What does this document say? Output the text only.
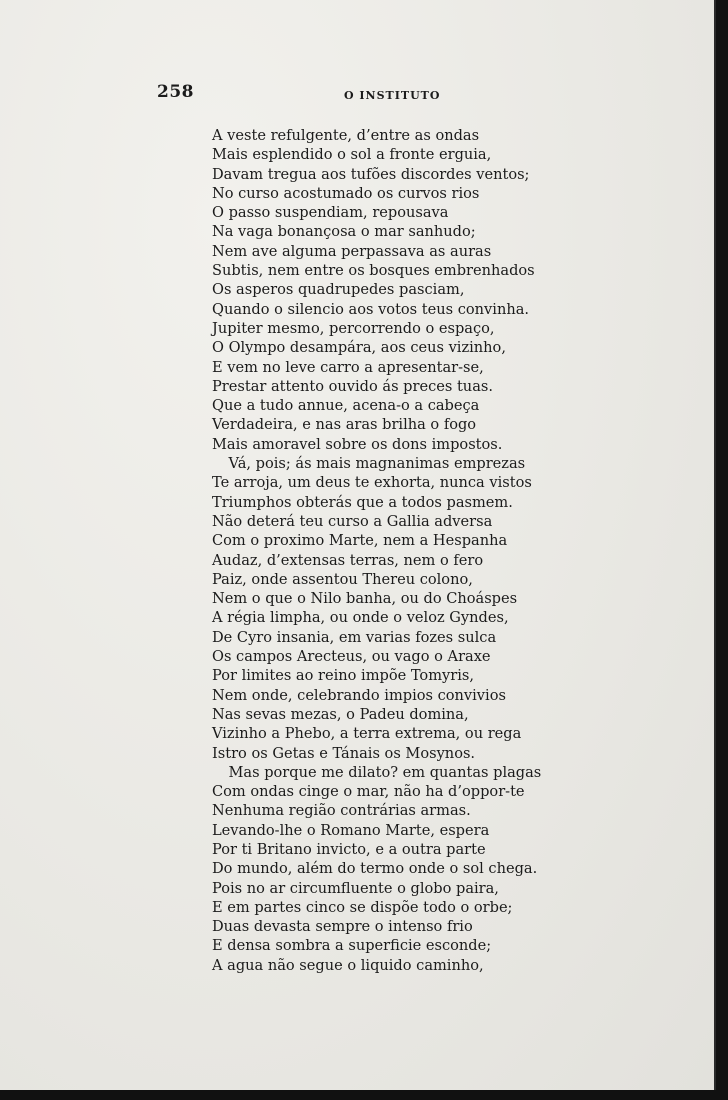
258	O INSTITUTO
A veste refulgente, d’entre as ondas
Mais esplendido o sol a fronte erguia,
Davam tregua aos tufões discordes ventos;
No curso acostumado os curvos rios
O passo suspendiam, repousava
Na vaga bonançosa o mar sanhudo;
Nem ave alguma perpassava as auras
Subtis, nem entre os bosques embrenhados
Os asperos quadrupedes pasciam,
Quando o silencio aos votos teus convinha.
Jupiter mesmo, percorrendo o espaço,
O Olympo desampára, aos ceus vizinho,
E vem no leve carro a apresentar-se,
Prestar attento ouvido ás preces tuas.
Que a tudo annue, acena-o a cabeça
Verdadeira, e nas aras brilha o fogo
Mais amoravel sobre os dons impostos.
Vá, pois; ás mais magnanimas emprezas
Te arroja, um deus te exhorta, nunca vistos
Triumphos obterás que a todos pasmem.
Não deterá teu curso a Gallia adversa
Com o proximo Marte, nem a Hespanha
Audaz, d’extensas terras, nem o fero
Paiz, onde assentou Thereu colono,
Nem o que o Nilo banha, ou do Choáspes
A régia limpha, ou onde o veloz Gyndes,
De Cyro insania, em varias fozes sulca
Os campos Arecteus, ou vago o Araxe
Por limites ao reino impõe Tomyris,
Nem onde, celebrando impios convivios
Nas sevas mezas, o Padeu domina,
Vizinho a Phebo, a terra extrema, ou rega
Istro os Getas e Tánais os Mosynos.
Mas porque me dilato? em quantas plagas
Com ondas cinge o mar, não ha d’oppor-te
Nenhuma região contrárias armas.
Levando-lhe o Romano Marte, espera
Por ti Britano invicto, e a outra parte
Do mundo, além do termo onde o sol chega.
Pois no ar circumfluente o globo paira,
E em partes cinco se dispõe todo o orbe;
Duas devasta sempre o intenso frio
E densa sombra a superficie esconde;
A agua não segue o liquido caminho,
